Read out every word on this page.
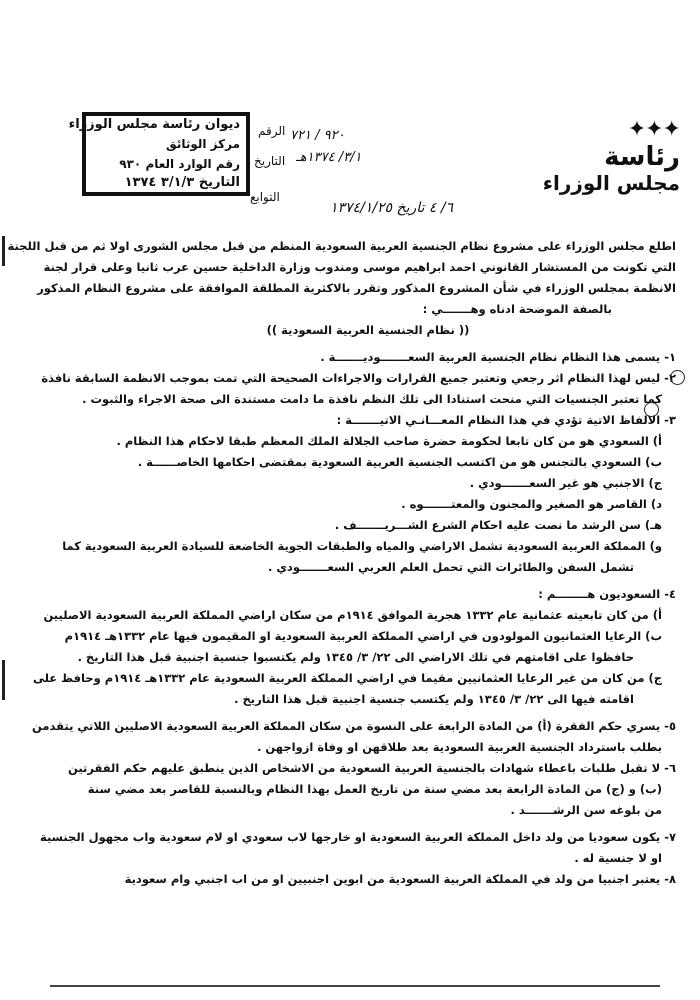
ديوان رئاسة مجلس الوزراء
مركز الوثائق
رقم الوارد العام ٩٣٠
التاريخ ٣/١/٣ ١٣٧٤
الرقم
التاريخ
التوابع
٩٢٠ / ٧٢١
٣/١/ ١٣٧٤هـ
٦/ ٤ تاريخ ١٣٧٤/١/٢٥
✦✦✦
رئاسة
مجلس الوزراء
اطلع مجلس الوزراء على مشروع نظام الجنسية العربية السعودية المنظم من قبل مجلس الشورى اولا ثم من قبل اللجنة
التي تكونت من المستشار القانوني احمد ابراهيم موسى ومندوب وزارة الداخلية حسين عرب ثانيا وعلى قرار لجنة
الانظمة بمجلس الوزراء في شأن المشروع المذكور وتقرر بالاكثرية المطلقة الموافقة على مشروع النظام المذكور
بالصفة الموضحة ادناه وهـــــــي :
(( نظام الجنسية العربية السعودية ))
١- يسمى هذا النظام نظام الجنسية العربية السعـــــــوديـــــــة .
٢- ليس لهذا النظام اثر رجعي وتعتبر جميع القرارات والاجراءات الصحيحة التي تمت بموجب الانظمة السابقة نافذة
كما تعتبر الجنسيات التي منحت استنادا الى تلك النظم نافذة ما دامت مستندة الى صحة الاجراء والثبوت .
٣- الالفاظ الاتية تؤدي في هذا النظام المعـــانـي الاتيـــــــة :
أ) السعودي هو من كان تابعا لحكومة حضرة صاحب الجلالة الملك المعظم طبقا لاحكام هذا النظام .
ب) السعودي بالتجنس هو من اكتسب الجنسية العربية السعودية بمقتضى احكامها الخاصــــــة .
ج) الاجنبي هو غير السعـــــــودي .
د) القاصر هو الصغير والمجنون والمعتـــــــوه .
هـ) سن الرشد ما نصت عليه احكام الشرع الشـــريـــــــف .
و) المملكة العربية السعودية تشمل الاراضي والمياه والطبقات الجوية الخاضعة للسيادة العربية السعودية كما
تشمل السفن والطائرات التي تحمل العلم العربي السعـــــــودي .
٤- السعوديون هــــــــم :
أ) من كان تابعيته عثمانية عام ١٣٣٢ هجرية الموافق ١٩١٤م من سكان اراضي المملكة العربية السعودية الاصليين
ب) الرعايا العثمانيون المولودون في اراضي المملكة العربية السعودية او المقيمون فيها عام ١٣٣٢هـ ١٩١٤م
حافظوا على اقامتهم في تلك الاراضي الى ٢٢/ ٣/ ١٣٤٥ ولم يكتسبوا جنسية اجنبية قبل هذا التاريخ .
ج) من كان من غير الرعايا العثمانيين مقيما في اراضي المملكة العربية السعودية عام ١٣٣٢هـ ١٩١٤م وحافظ على
اقامته فيها الى ٢٢/ ٣/ ١٣٤٥ ولم يكتسب جنسية اجنبية قبل هذا التاريخ .
٥- يسري حكم الفقرة (أ) من المادة الرابعة على النسوة من سكان المملكة العربية السعودية الاصليين اللاتي يتقدمن
بطلب باسترداد الجنسية العربية السعودية بعد طلاقهن او وفاة ازواجهن .
٦- لا تقبل طلبات باعطاء شهادات بالجنسية العربية السعودية من الاشخاص الذين ينطبق عليهم حكم الفقرتين
(ب) و (ج) من المادة الرابعة بعد مضي سنة من تاريخ العمل بهذا النظام وبالنسبة للقاصر بعد مضي سنة
من بلوغه سن الرشـــــــد .
٧- يكون سعوديا من ولد داخل المملكة العربية السعودية او خارجها لاب سعودي او لام سعودية واب مجهول الجنسية
او لا جنسية له .
٨- يعتبر اجنبيا من ولد في المملكة العربية السعودية من ابوين اجنبيين او من اب اجنبي وام سعودية
